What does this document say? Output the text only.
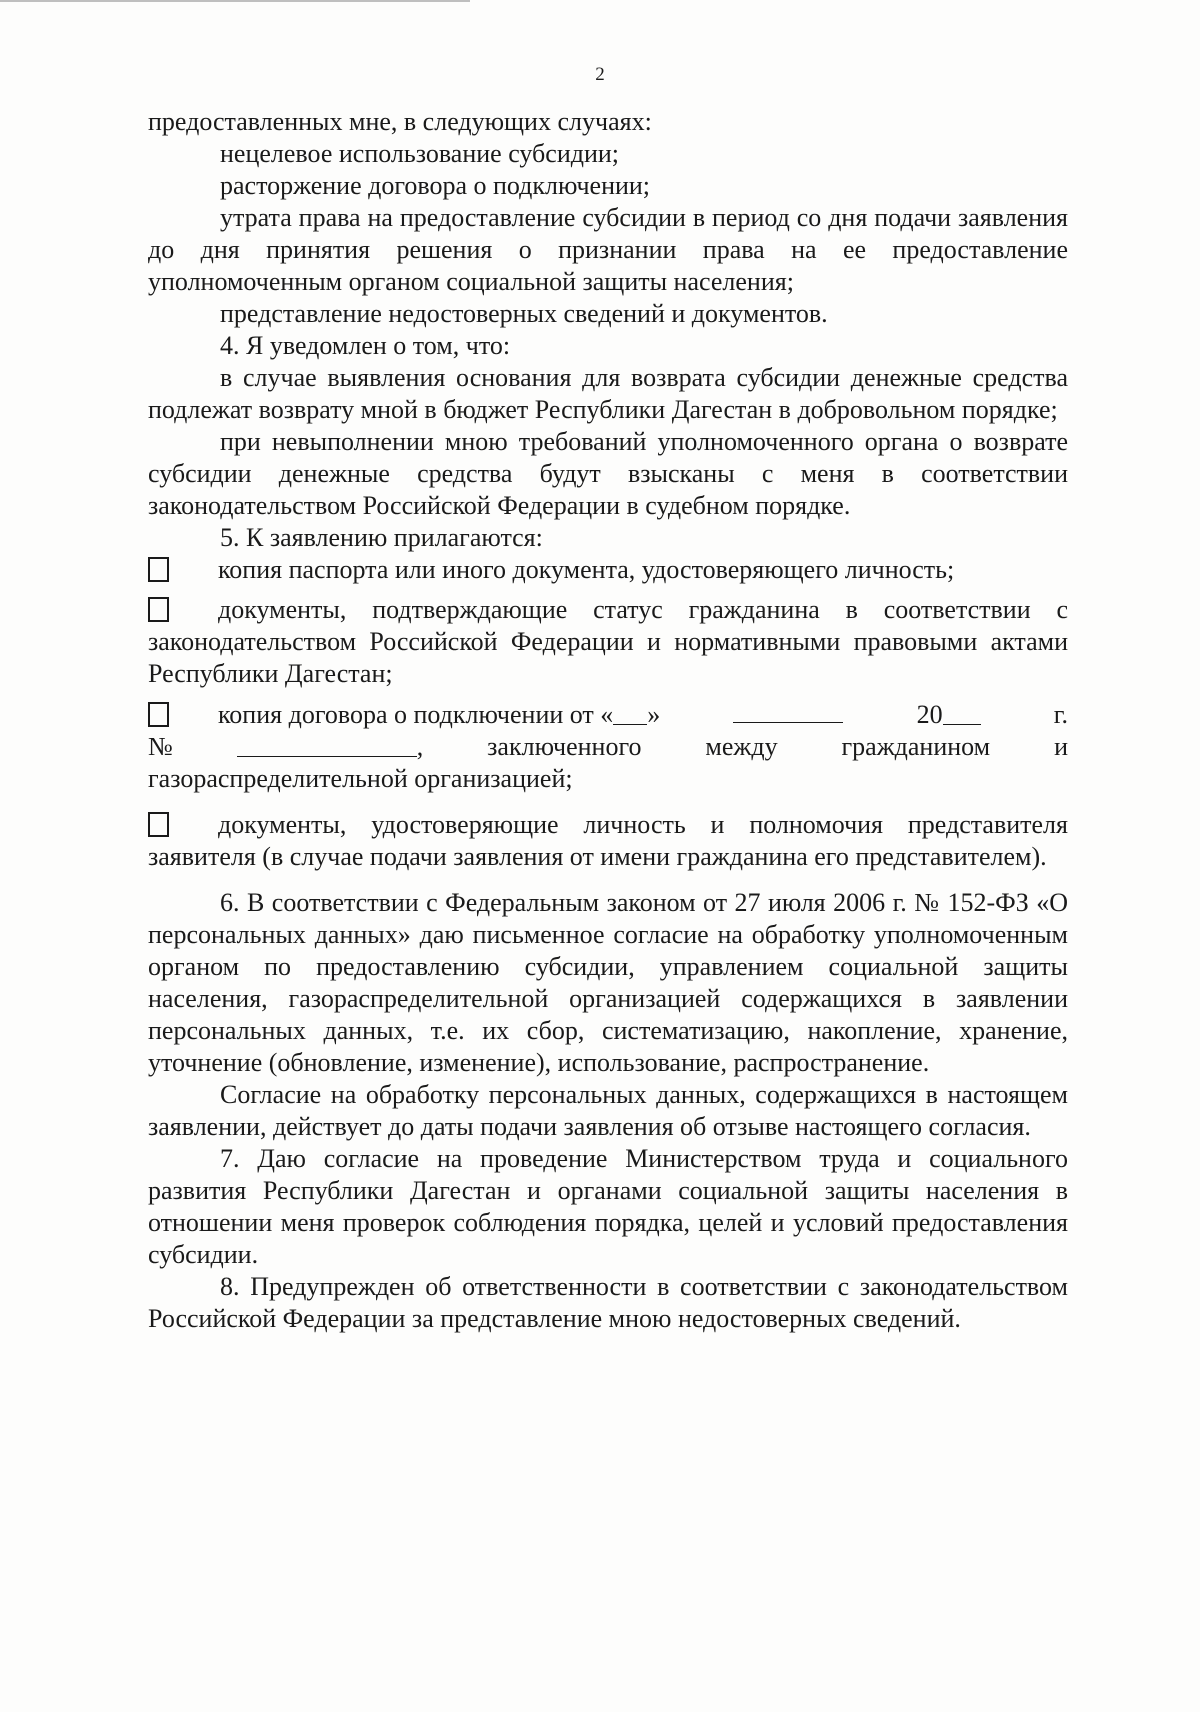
2

предоставленных мне, в следующих случаях:

нецелевое использование субсидии;

расторжение договора о подключении;

утрата права на предоставление субсидии в период со дня подачи заявления до дня принятия решения о признании права на ее предоставление уполномоченным органом социальной защиты населения;

представление недостоверных сведений и документов.

4. Я уведомлен о том, что:

в случае выявления основания для возврата субсидии денежные средства подлежат возврату мной в бюджет Республики Дагестан в добровольном порядке;

при невыполнении мною требований уполномоченного органа о возврате субсидии денежные средства будут взысканы с меня в соответствии законодательством Российской Федерации в судебном порядке.

5. К заявлению прилагаются:

копия паспорта или иного документа, удостоверяющего личность;

документы, подтверждающие статус гражданина в соответствии с законодательством Российской Федерации и нормативными правовыми актами Республики Дагестан;

копия договора о подключении от « »	20	г.
№	, заключенного между гражданином и

газораспределительной организацией;

документы, удостоверяющие личность и полномочия представителя заявителя (в случае подачи заявления от имени гражданина его представителем).

6. В соответствии с Федеральным законом от 27 июля 2006 г. № 152-ФЗ «О персональных данных» даю письменное согласие на обработку уполномоченным органом по предоставлению субсидии, управлением социальной защиты населения, газораспределительной организацией содержащихся в заявлении персональных данных, т.е. их сбор, систематизацию, накопление, хранение, уточнение (обновление, изменение), использование, распространение.

Согласие на обработку персональных данных, содержащихся в настоящем заявлении, действует до даты подачи заявления об отзыве настоящего согласия.

7. Даю согласие на проведение Министерством труда и социального развития Республики Дагестан и органами социальной защиты населения в отношении меня проверок соблюдения порядка, целей и условий предоставления субсидии.

8. Предупрежден об ответственности в соответствии с законодательством Российской Федерации за представление мною недостоверных сведений.
